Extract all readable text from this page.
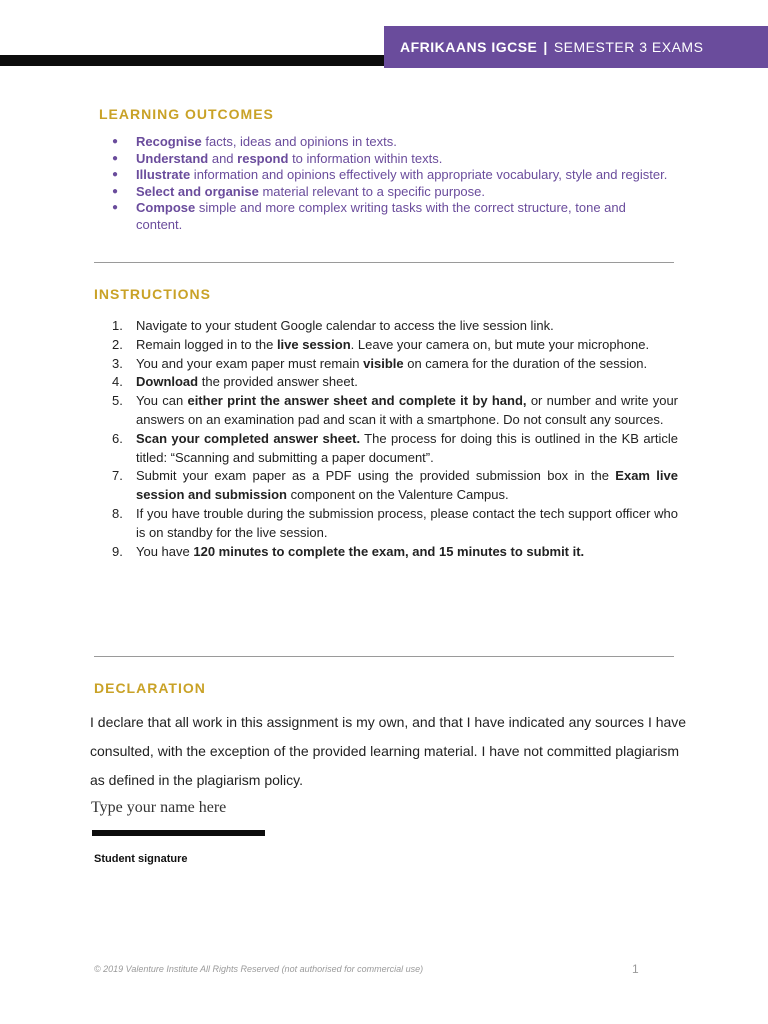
AFRIKAANS IGCSE | SEMESTER 3 EXAMS
LEARNING OUTCOMES
● Recognise facts, ideas and opinions in texts.
● Understand and respond to information within texts.
● Illustrate information and opinions effectively with appropriate vocabulary, style and register.
● Select and organise material relevant to a specific purpose.
● Compose simple and more complex writing tasks with the correct structure, tone and content.
INSTRUCTIONS
1. Navigate to your student Google calendar to access the live session link.
2. Remain logged in to the live session. Leave your camera on, but mute your microphone.
3. You and your exam paper must remain visible on camera for the duration of the session.
4. Download the provided answer sheet.
5. You can either print the answer sheet and complete it by hand, or number and write your answers on an examination pad and scan it with a smartphone. Do not consult any sources.
6. Scan your completed answer sheet. The process for doing this is outlined in the KB article titled: “Scanning and submitting a paper document”.
7. Submit your exam paper as a PDF using the provided submission box in the Exam live session and submission component on the Valenture Campus.
8. If you have trouble during the submission process, please contact the tech support officer who is on standby for the live session.
9. You have 120 minutes to complete the exam, and 15 minutes to submit it.
DECLARATION
I declare that all work in this assignment is my own, and that I have indicated any sources I have consulted, with the exception of the provided learning material. I have not committed plagiarism as defined in the plagiarism policy.
Type your name here
Student signature
© 2019 Valenture Institute All Rights Reserved (not authorised for commercial use)	1
